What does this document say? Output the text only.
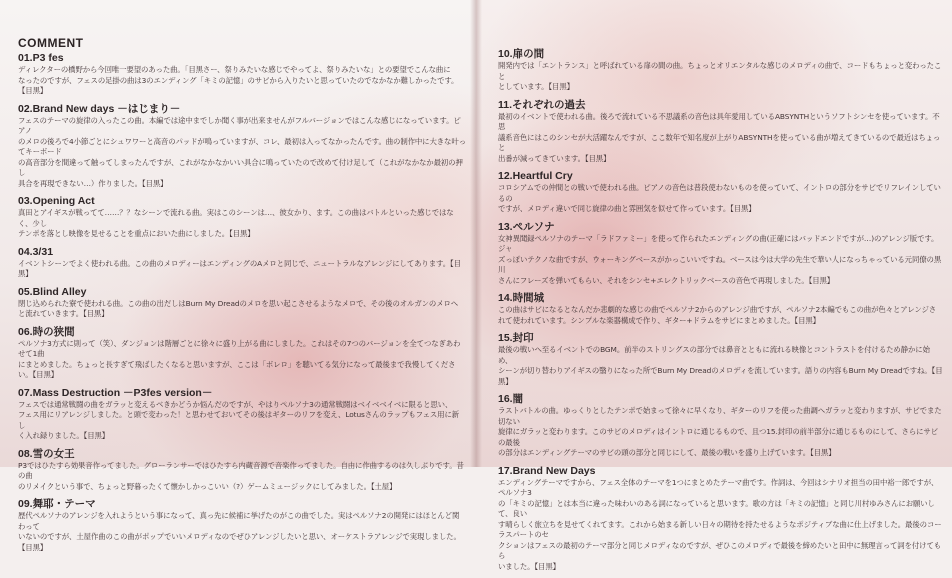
COMMENT

01.P3 fes

ディレクターの橋野から今回唯一要望のあった曲。「目黒さー、祭りみたいな感じでやってよ、祭りみたいな」との要望でこんな曲に

なったのですが、フェスの足掛の曲は3のエンディング「キミの記憶」のサビから入りたいと思っていたのでなかなか難しかったです。【目黒】

02.Brand New days －はじまり－

フェスのテーマの旋律の入ったこの曲。本編では途中までしか聞く事が出来ませんがフルバージョンではこんな感じになっています。ピアノ

のメロの後ろで4小節ごとにシュワワーと高音のパッドが鳴っていますが、コレ、最初は入ってなかったんです。曲の制作中に大きな叶ってキーボード

の高音部分を間違って触ってしまったんですが、これがなかなかいい具合に鳴っていたので改めて付け足して（これがなかなか最初の押し

具合を再現できない…）作りました。【目黒】

03.Opening Act

真田とアイギスが戦ってて……？？なシーンで流れる曲。実はこのシーンは…、彼女かり、ます。この曲はバトルといった感じではなく、少し

テンポを落とし映像を見せることを重点においた曲にしました。【目黒】

04.3/31

イベントシーンでよく使われる曲。この曲のメロディーはエンディングのAメロと同じで、ニュートラルなアレンジにしてあります。【目黒】

05.Blind Alley

閉じ込められた寮で使われる曲。この曲の出だしはBurn My Dreadのメロを思い起こさせるようなメロで、その後のオルガンのメロへ

と流れていきます。【目黒】

06.時の狭間

ペルソナ3方式に則って（笑）、ダンジョンは階層ごとに徐々に盛り上がる曲にしました。これはその7つのバージョンを全てつなぎあわせて1曲

にまとめました。ちょっと長すぎて飛ばしたくなると思いますが、ここは「ボレロ」を聴いてる気分になって最後まで我慢してください。【目黒】

07.Mass Destruction －P3fes version－

フェスでは通常戦闘の曲をガラッと変えるべきかどうか悩んだのですが、やはりペルソナ3の通常戦闘はベイベベイベに限ると思い、

フェス用にリアレンジしました。と頭で変わった！と思わせておいてその後はギターのリフを変え、Lotusさんのラップもフェス用に新し

く入れ録りました。【目黒】

08.雪の女王

P3ではひたすら効果音作ってました。グローランサーではひたすら内蔵音源で音楽作ってました。自由に作曲するのは久しぶりです。昔の曲

のリメイクという事で、ちょっと野暮ったくて懐かしかっこいい（?）ゲームミュージックにしてみました。【土屋】

09.舞耶・テーマ

歴代ペルソナのアレンジを入れようという事になって、真っ先に候補に挙げたのがこの曲でした。実はペルソナ2の開発にはほとんど関わって

いないのですが、土屋作曲のこの曲がポップでいいメロディなのでぜひアレンジしたいと思い、オーケストラアレンジで実現しました。【目黒】

10.扉の間

開発内では「エントランス」と呼ばれている扉の間の曲。ちょっとオリエンタルな感じのメロディの曲で、コードもちょっと変わったこと

としています。【目黒】

11.それぞれの過去

最初のイベントで使われる曲。後ろで流れている不思議系の音色は具年愛用しているABSYNTHというソフトシンセを使っています。不思

議系音色にはこのシンセが大活躍なんですが、ここ数年で知名度が上がりABSYNTHを使っている曲が増えてきているので最近はちょっと

出番が減ってきています。【目黒】

12.Heartful Cry

コロシアムでの仲間との戦いで使われる曲。ピアノの音色は普段使わないものを使っていて、イントロの部分をサビでリフレインしているの

ですが、メロディ違いで同じ旋律の曲と雰囲気を似せて作っています。【目黒】

13.ペルソナ

女神異聞録ペルソナのテーマ「ラドファミー」を使って作られたエンディングの曲(正確にはバッドエンドですが…)のアレンジ版です。ジャ

ズっぽいテクノな曲ですが、ウォーキングベースがかっこいいですね。ベースは今は大学の先生で華い人になっちゃっている元同僚の黒川

さんにフレーズを弾いてもらい、それをシンセ+エレクトリックベースの音色で再現しました。【目黒】

14.時間城

この曲はサビになるとなんだか悲劇的な感じの曲でペルソナ2からのアレンジ曲ですが、ペルソナ2本編でもこの曲が色々とアレンジさ

れて使われています。シンプルな楽器構成で作り、ギター+ドラムをサビにまとめました。【目黒】

15.封印

最後の戦いへ至るイベントでのBGM。前半のストリングスの部分では鼻音とともに流れる映像とコントラストを付けるため静かに始め、

シーンが切り替わりアイギスの翳りになった所でBurn My Dreadのメロディを流しています。語りの内容もBurn My Dreadですね。【目黒】

16.闇

ラストバトルの曲。ゆっくりとしたテンポで始まって徐々に早くなり、ギターのリフを使った曲調へガラッと変わりますが、サビでまた切ない

旋律にガラッと変わります。このサビのメロディはイントロに通じるもので、且つ15.封印の前半部分に通じるものにして、さらにサビの最後

の部分はエンディングテーマのサビの頭の部分と同じにして、最後の戦いを盛り上げています。【目黒】

17.Brand New Days

エンディングテーマですから、フェス全体のテーマを1つにまとめたテーマ曲です。作詞は、今回はシナリオ担当の田中裕一郎ですが、ペルソナ3

の「キミの記憶」とは本当に違った味わいのある詞になっていると思います。歌の方は「キミの記憶」と同じ川村ゆみさんにお願いして、良い

す晴らしく旅立ちを見せてくれてます。これから始まる新しい日々の期待を持たせるようなポジティブな曲に仕上げました。最後のコーラスパートのセ

クションはフェスの最初のテーマ部分と同じメロディなのですが、ぜひこのメロディで最後を締めたいと田中に無理言って詞を付けてもら

いました。【目黒】
